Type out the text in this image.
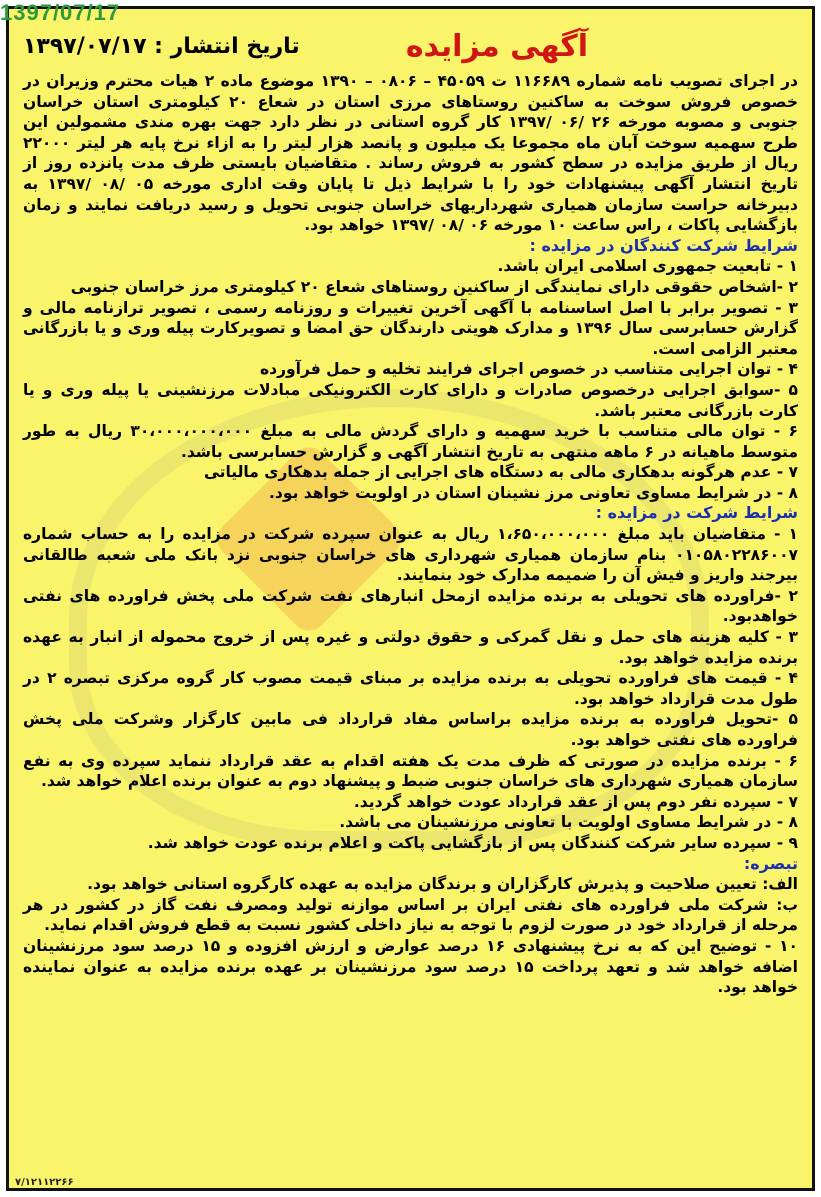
1397/07/17
آگهی مزایده
تاریخ انتشار : ۱۳۹۷/۰۷/۱۷

در اجرای تصویب نامه شماره ۱۱۶۶۸۹ ت ۴۵۰۵۹ – ۰۸۰۶ – ۱۳۹۰ موضوع ماده ۲ هیات محترم وزیران در خصوص فروش سوخت به ساکنین روستاهای مرزی استان در شعاع ۲۰ کیلومتری استان خراسان جنوبی و مصوبه مورخه ۲۶ /۰۶ /۱۳۹۷ کار گروه استانی در نظر دارد جهت بهره مندی مشمولین این طرح سهمیه سوخت آبان ماه مجموعا یک میلیون و پانصد هزار لیتر را به ازاء نرخ پایه هر لیتر ۲۲۰۰۰ ریال از طریق مزایده در سطح کشور به فروش رساند . متقاضیان بایستی ظرف مدت پانزده روز از تاریخ انتشار آگهی پیشنهادات خود را با شرایط ذیل تا پایان وقت اداری مورخه ۰۵ /۰۸ /۱۳۹۷ به دبیرخانه حراست سازمان همیاری شهرداریهای خراسان جنوبی تحویل و رسید دریافت نمایند و زمان بازگشایی پاکات ، راس ساعت ۱۰ مورخه ۰۶ /۰۸ /۱۳۹۷ خواهد بود.

شرایط شرکت کنندگان در مزایده :

۱ - تابعیت جمهوری اسلامی ایران باشد.

۲ -اشخاص حقوقی دارای نمایندگی از ساکنین روستاهای شعاع ۲۰ کیلومتری مرز خراسان جنوبی

۳ - تصویر برابر با اصل اساسنامه با آگهی آخرین تغییرات و روزنامه رسمی ، تصویر ترازنامه مالی و گزارش حسابرسی سال ۱۳۹۶ و مدارک هویتی دارندگان حق امضا و تصویرکارت پیله وری و یا بازرگانی معتبر الزامی است.

۴ - توان اجرایی متناسب در خصوص اجرای فرایند تخلیه و حمل فرآورده

۵ -سوابق اجرایی درخصوص صادرات و دارای کارت الکترونیکی مبادلات مرزنشینی یا پیله وری و یا کارت بازرگانی معتبر باشد.

۶ - توان مالی متناسب با خرید سهمیه و دارای گردش مالی به مبلغ ۳۰،۰۰۰،۰۰۰،۰۰۰ ریال به طور متوسط ماهیانه در ۶ ماهه منتهی به تاریخ انتشار آگهی و گزارش حسابرسی باشد.

۷ - عدم هرگونه بدهکاری مالی به دستگاه های اجرایی از جمله بدهکاری مالیاتی

۸ - در شرایط مساوی تعاونی مرز نشینان استان در اولویت خواهد بود.

شرایط شرکت در مزایده :

۱ - متقاضیان باید مبلغ ۱،۶۵۰،۰۰۰،۰۰۰ ریال به عنوان سپرده شرکت در مزایده را به حساب شماره ۰۱۰۵۸۰۲۲۸۶۰۰۷ بنام سازمان همیاری شهرداری های خراسان جنوبی نزد بانک ملی شعبه طالقانی بیرجند واریز و فیش آن را ضمیمه مدارک خود بنمایند.

۲ -فراورده های تحویلی به برنده مزایده ازمحل انبارهای نفت شرکت ملی پخش فراورده های نفتی خواهدبود.

۳ - کلیه هزینه های حمل و نقل گمرکی و حقوق دولتی و غیره پس از خروج محموله از انبار به عهده برنده مزایده خواهد بود.

۴ - قیمت های فراورده تحویلی به برنده مزایده بر مبنای قیمت مصوب کار گروه مرکزی تبصره ۲ در طول مدت قرارداد خواهد بود.

۵ -تحویل فراورده به برنده مزایده براساس مفاد قرارداد فی مابین کارگزار وشرکت ملی پخش فراورده های نفتی خواهد بود.

۶ - برنده مزایده در صورتی که ظرف مدت یک هفته اقدام به عقد قرارداد ننماید سپرده وی به نفع سازمان همیاری شهرداری های خراسان جنوبی ضبط و پیشنهاد دوم به عنوان برنده اعلام خواهد شد.

۷ - سپرده نفر دوم پس از عقد قرارداد عودت خواهد گردید.

۸ - در شرایط مساوی اولویت با تعاونی مرزنشینان می باشد.

۹ - سپرده سایر شرکت کنندگان پس از بازگشایی پاکت و اعلام برنده عودت خواهد شد.

تبصره:

الف: تعیین صلاحیت و پذیرش کارگزاران و برندگان مزایده به عهده کارگروه استانی خواهد بود.

ب: شرکت ملی فراورده های نفتی ایران بر اساس موازنه تولید ومصرف نفت گاز در کشور در هر مرحله از قرارداد خود در صورت لزوم با توجه به نیاز داخلی کشور نسبت به قطع فروش اقدام نماید.

۱۰ - توضیح این که به نرخ پیشنهادی ۱۶ درصد عوارض و ارزش افزوده و ۱۵ درصد سود مرزنشینان اضافه خواهد شد و تعهد پرداخت ۱۵ درصد سود مرزنشینان بر عهده برنده مزایده به عنوان نماینده خواهد بود.

۷/۱۲۱۱۲۲۶۶
